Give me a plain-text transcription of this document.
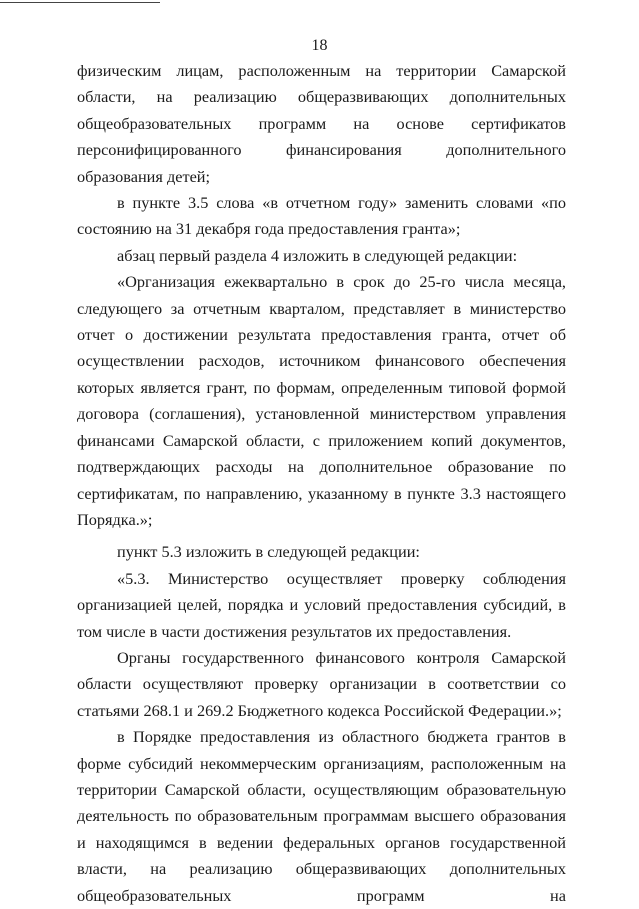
18

физическим лицам, расположенным на территории Самарской области, на реализацию общеразвивающих дополнительных общеобразовательных программ на основе сертификатов персонифицированного финансирования дополнительного образования детей;

в пункте 3.5 слова «в отчетном году» заменить словами «по состоянию на 31 декабря года предоставления гранта»;

абзац первый раздела 4 изложить в следующей редакции:

«Организация ежеквартально в срок до 25-го числа месяца, следующего за отчетным кварталом, представляет в министерство отчет о достижении результата предоставления гранта, отчет об осуществлении расходов, источником финансового обеспечения которых является грант, по формам, определенным типовой формой договора (соглашения), установленной министерством управления финансами Самарской области, с приложением копий документов, подтверждающих расходы на дополнительное образование по сертификатам, по направлению, указанному в пункте 3.3 настоящего Порядка.»;

пункт 5.3 изложить в следующей редакции:

«5.3. Министерство осуществляет проверку соблюдения организацией целей, порядка и условий предоставления субсидий, в том числе в части достижения результатов их предоставления.

Органы государственного финансового контроля Самарской области осуществляют проверку организации в соответствии со статьями 268.1 и 269.2 Бюджетного кодекса Российской Федерации.»;

в Порядке предоставления из областного бюджета грантов в форме субсидий некоммерческим организациям, расположенным на территории Самарской области, осуществляющим образовательную деятельность по образовательным программам высшего образования и находящимся в ведении федеральных органов государственной власти, на реализацию общеразвивающих дополнительных общеобразовательных программ на
